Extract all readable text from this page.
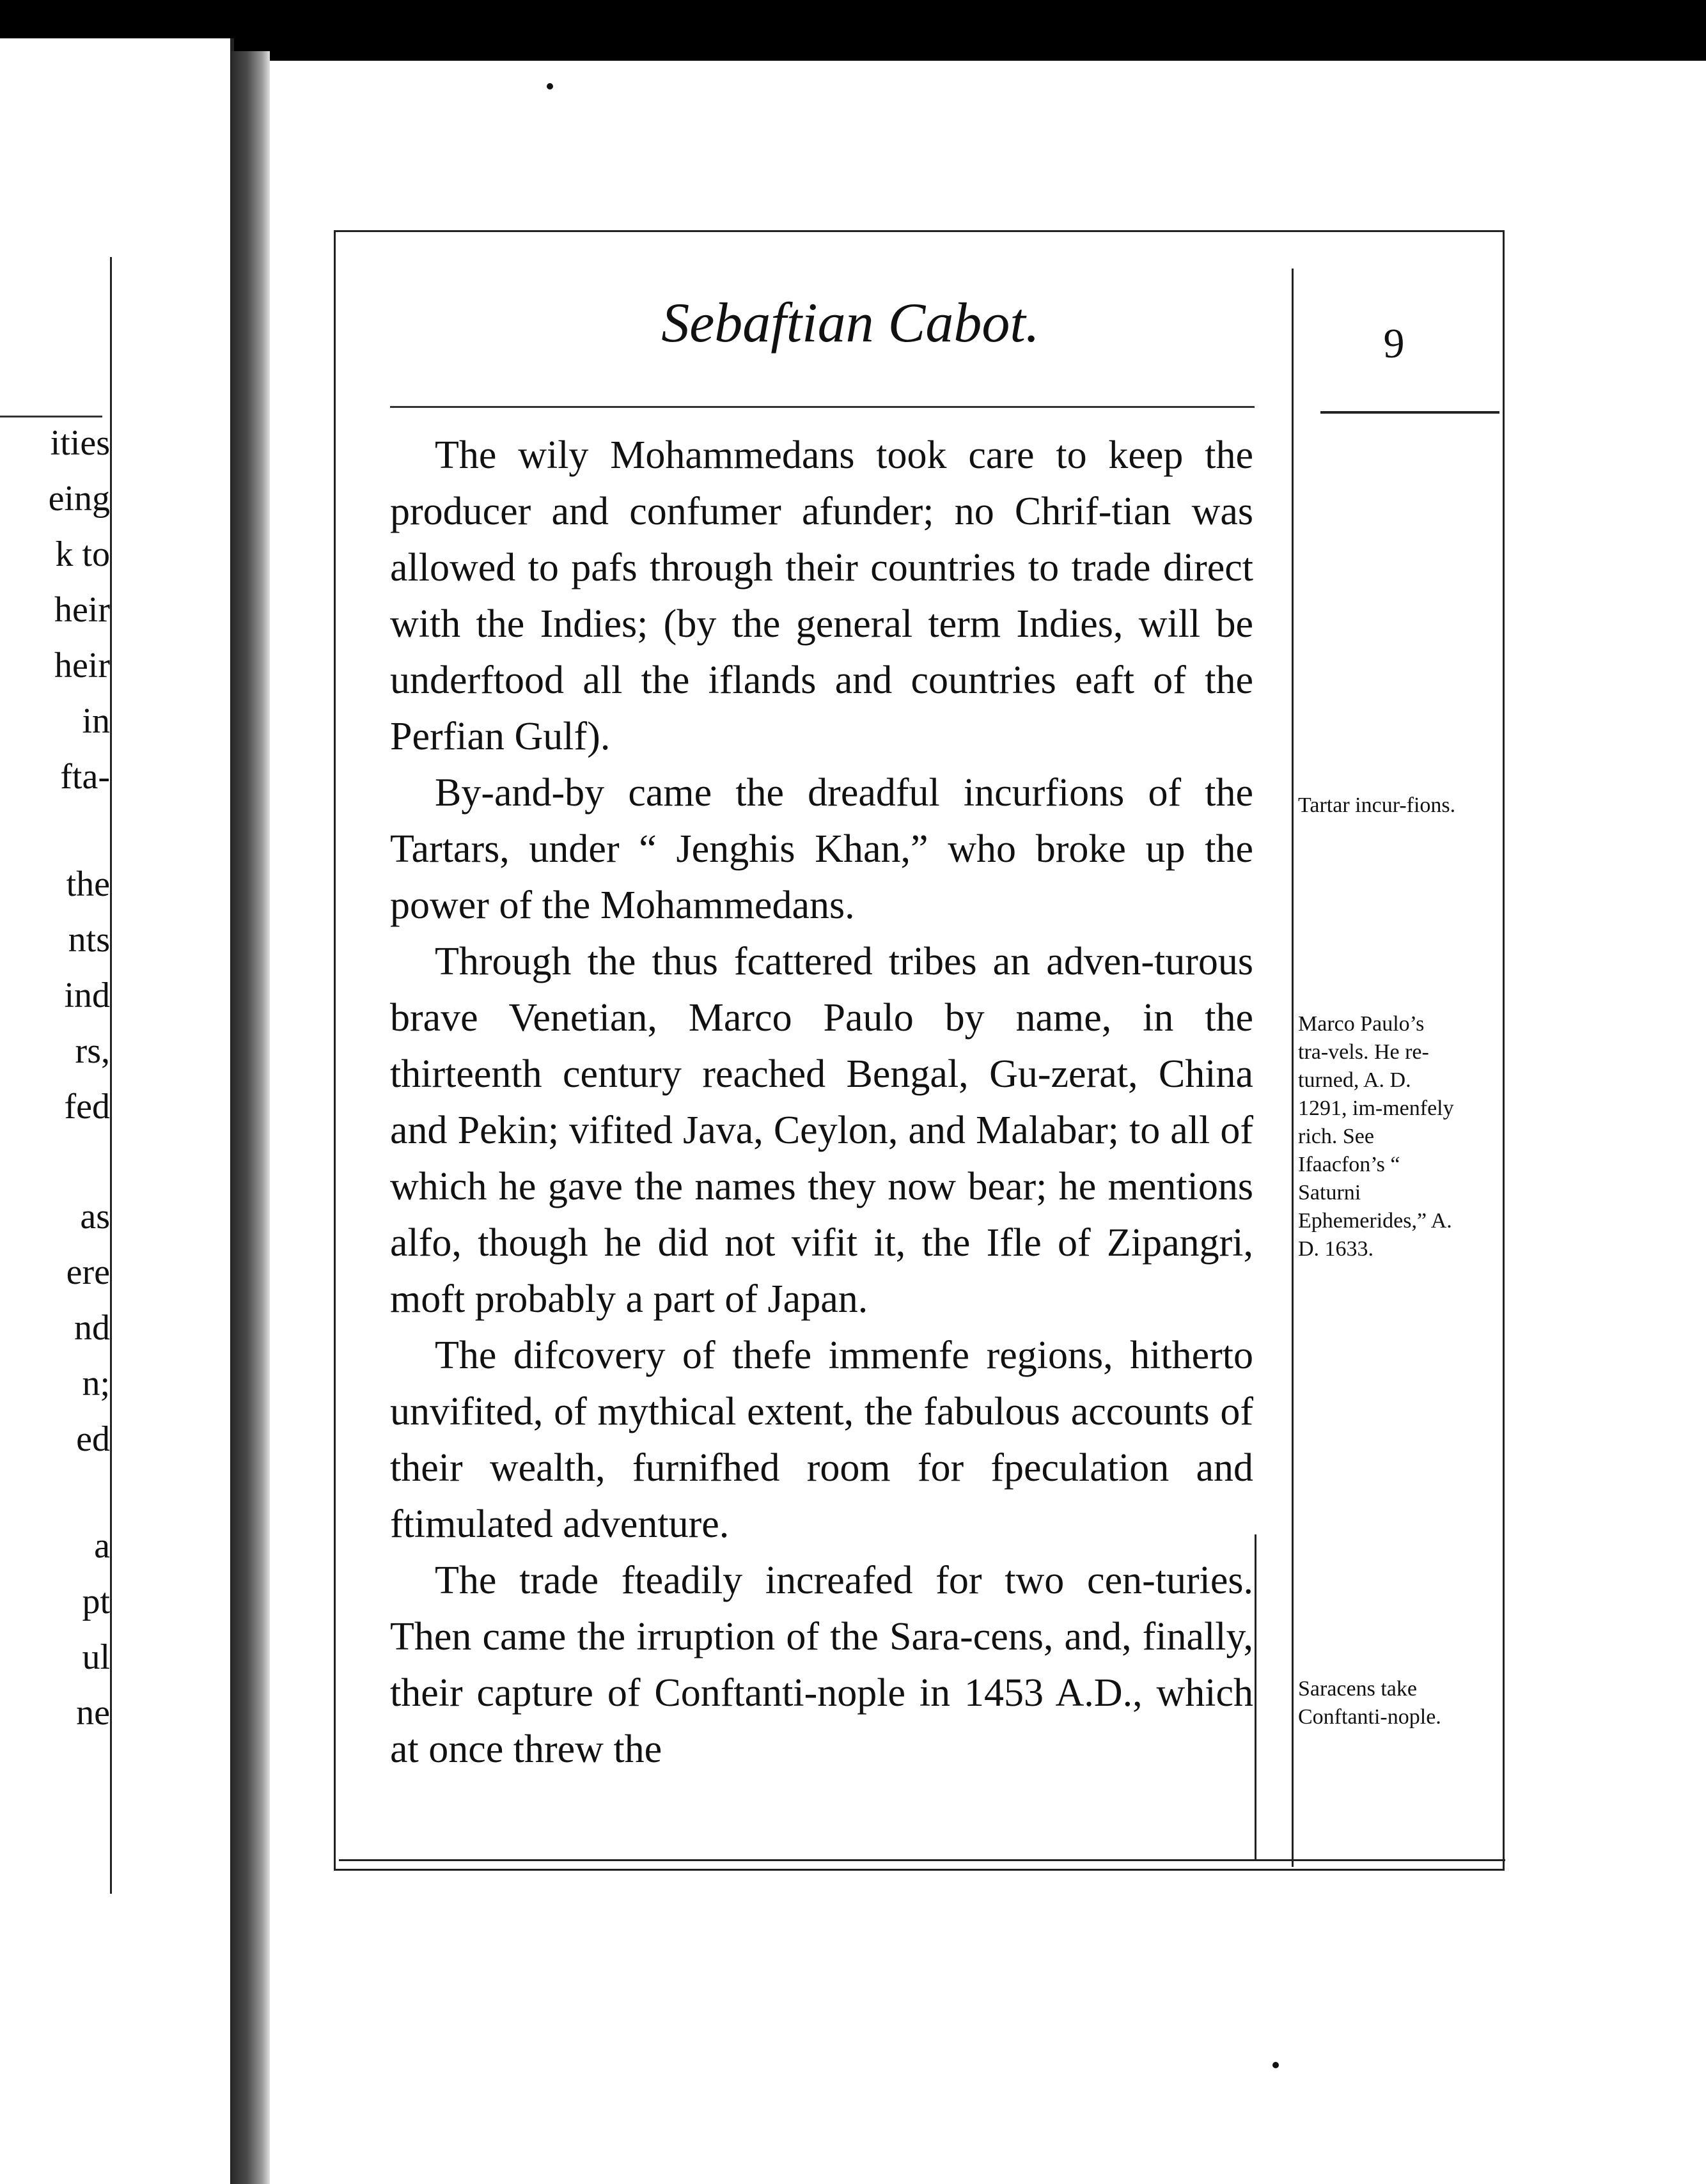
ities
eing
k to
heir
heir
in
fta-
the
nts
ind
rs,
fed
as
ere
nd
n;
ed
a
pt
ul
ne
Sebaftian Cabot.	9

The wily Mohammedans took care to keep the producer and confumer afunder; no Chrif-tian was allowed to pafs through their countries to trade direct with the Indies; (by the general term Indies, will be underftood all the iflands and countries eaft of the Perfian Gulf).

By-and-by came the dreadful incurfions of the Tartars, under “ Jenghis Khan,” who broke up the power of the Mohammedans.

Through the thus fcattered tribes an adven-turous brave Venetian, Marco Paulo by name, in the thirteenth century reached Bengal, Gu-zerat, China and Pekin; vifited Java, Ceylon, and Malabar; to all of which he gave the names they now bear; he mentions alfo, though he did not vifit it, the Ifle of Zipangri, moft probably a part of Japan.

The difcovery of thefe immenfe regions, hitherto unvifited, of mythical extent, the fabulous accounts of their wealth, furnifhed room for fpeculation and ftimulated adventure.

The trade fteadily increafed for two cen-turies. Then came the irruption of the Sara-cens, and, finally, their capture of Conftanti-nople in 1453 A.D., which at once threw the

Tartar incur-fions.
Marco Paulo’s tra-vels. He re-turned, A. D. 1291, im-menfely rich. See Ifaacfon’s “ Saturni Ephemerides,” A. D. 1633.
Saracens take Conftanti-nople.
